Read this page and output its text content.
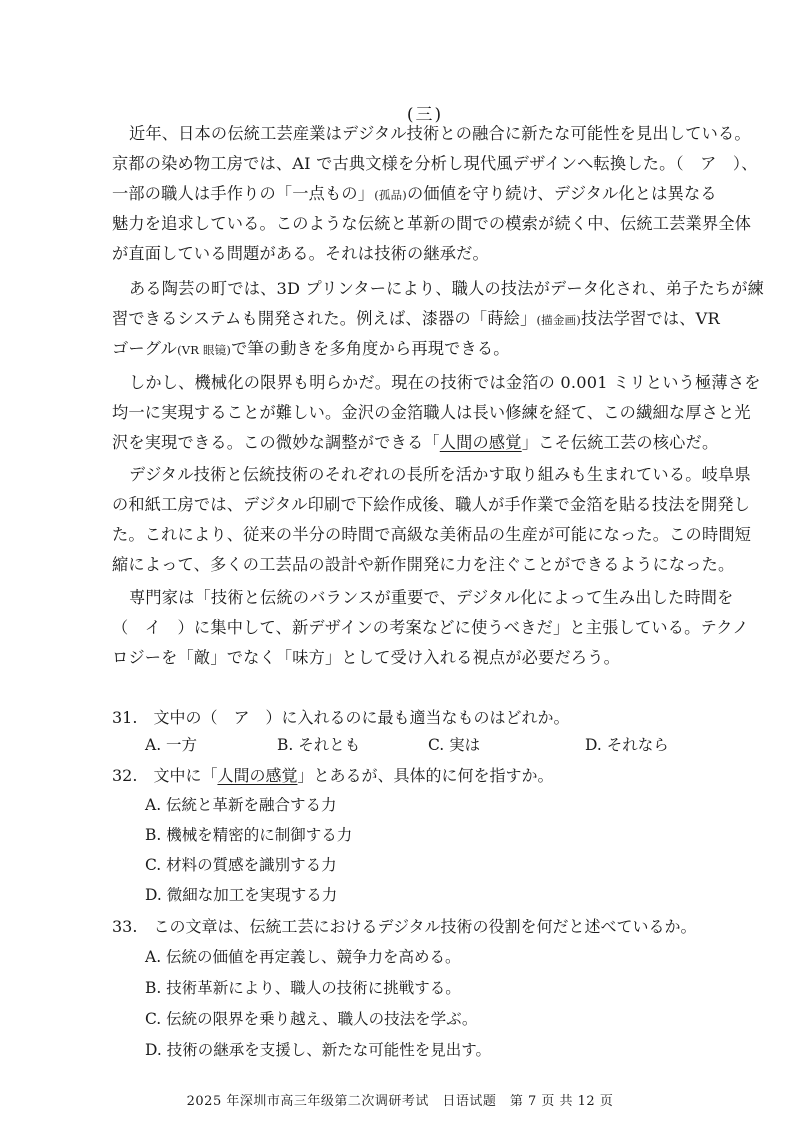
(三)
近年、日本の伝統工芸産業はデジタル技術との融合に新たな可能性を見出している。
京都の染め物工房では、AI で古典文様を分析し現代風デザインへ転換した。（　ア　）、
一部の職人は手作りの「一点もの」(孤品)の価値を守り続け、デジタル化とは異なる
魅力を追求している。このような伝統と革新の間での模索が続く中、伝統工芸業界全体
が直面している問題がある。それは技術の継承だ。
ある陶芸の町では、3D プリンターにより、職人の技法がデータ化され、弟子たちが練
習できるシステムも開発された。例えば、漆器の「蒔絵」(描金画)技法学習では、VR
ゴーグル(VR 眼镜)で筆の動きを多角度から再現できる。
しかし、機械化の限界も明らかだ。現在の技術では金箔の 0.001 ミリという極薄さを
均一に実現することが難しい。金沢の金箔職人は長い修練を経て、この繊細な厚さと光
沢を実現できる。この微妙な調整ができる「人間の感覚」こそ伝統工芸の核心だ。
デジタル技術と伝統技術のそれぞれの長所を活かす取り組みも生まれている。岐阜県
の和紙工房では、デジタル印刷で下絵作成後、職人が手作業で金箔を貼る技法を開発し
た。これにより、従来の半分の時間で高級な美術品の生産が可能になった。この時間短
縮によって、多くの工芸品の設計や新作開発に力を注ぐことができるようになった。
専門家は「技術と伝統のバランスが重要で、デジタル化によって生み出した時間を
（　イ　）に集中して、新デザインの考案などに使うべきだ」と主張している。テクノ
ロジーを「敵」でなく「味方」として受け入れる視点が必要だろう。
31.　文中の（　ア　）に入れるのに最も適当なものはどれか。
A. 一方	B. それとも	C. 実は	D. それなら
32.　文中に「人間の感覚」とあるが、具体的に何を指すか。
A. 伝統と革新を融合する力
B. 機械を精密的に制御する力
C. 材料の質感を識別する力
D. 微細な加工を実現する力
33.　この文章は、伝統工芸におけるデジタル技術の役割を何だと述べているか。
A. 伝統の価値を再定義し、競争力を高める。
B. 技術革新により、職人の技術に挑戦する。
C. 伝統の限界を乗り越え、職人の技法を学ぶ。
D. 技術の継承を支援し、新たな可能性を見出す。
2025 年深圳市高三年级第二次调研考试　日语试题　第 7 页 共 12 页
